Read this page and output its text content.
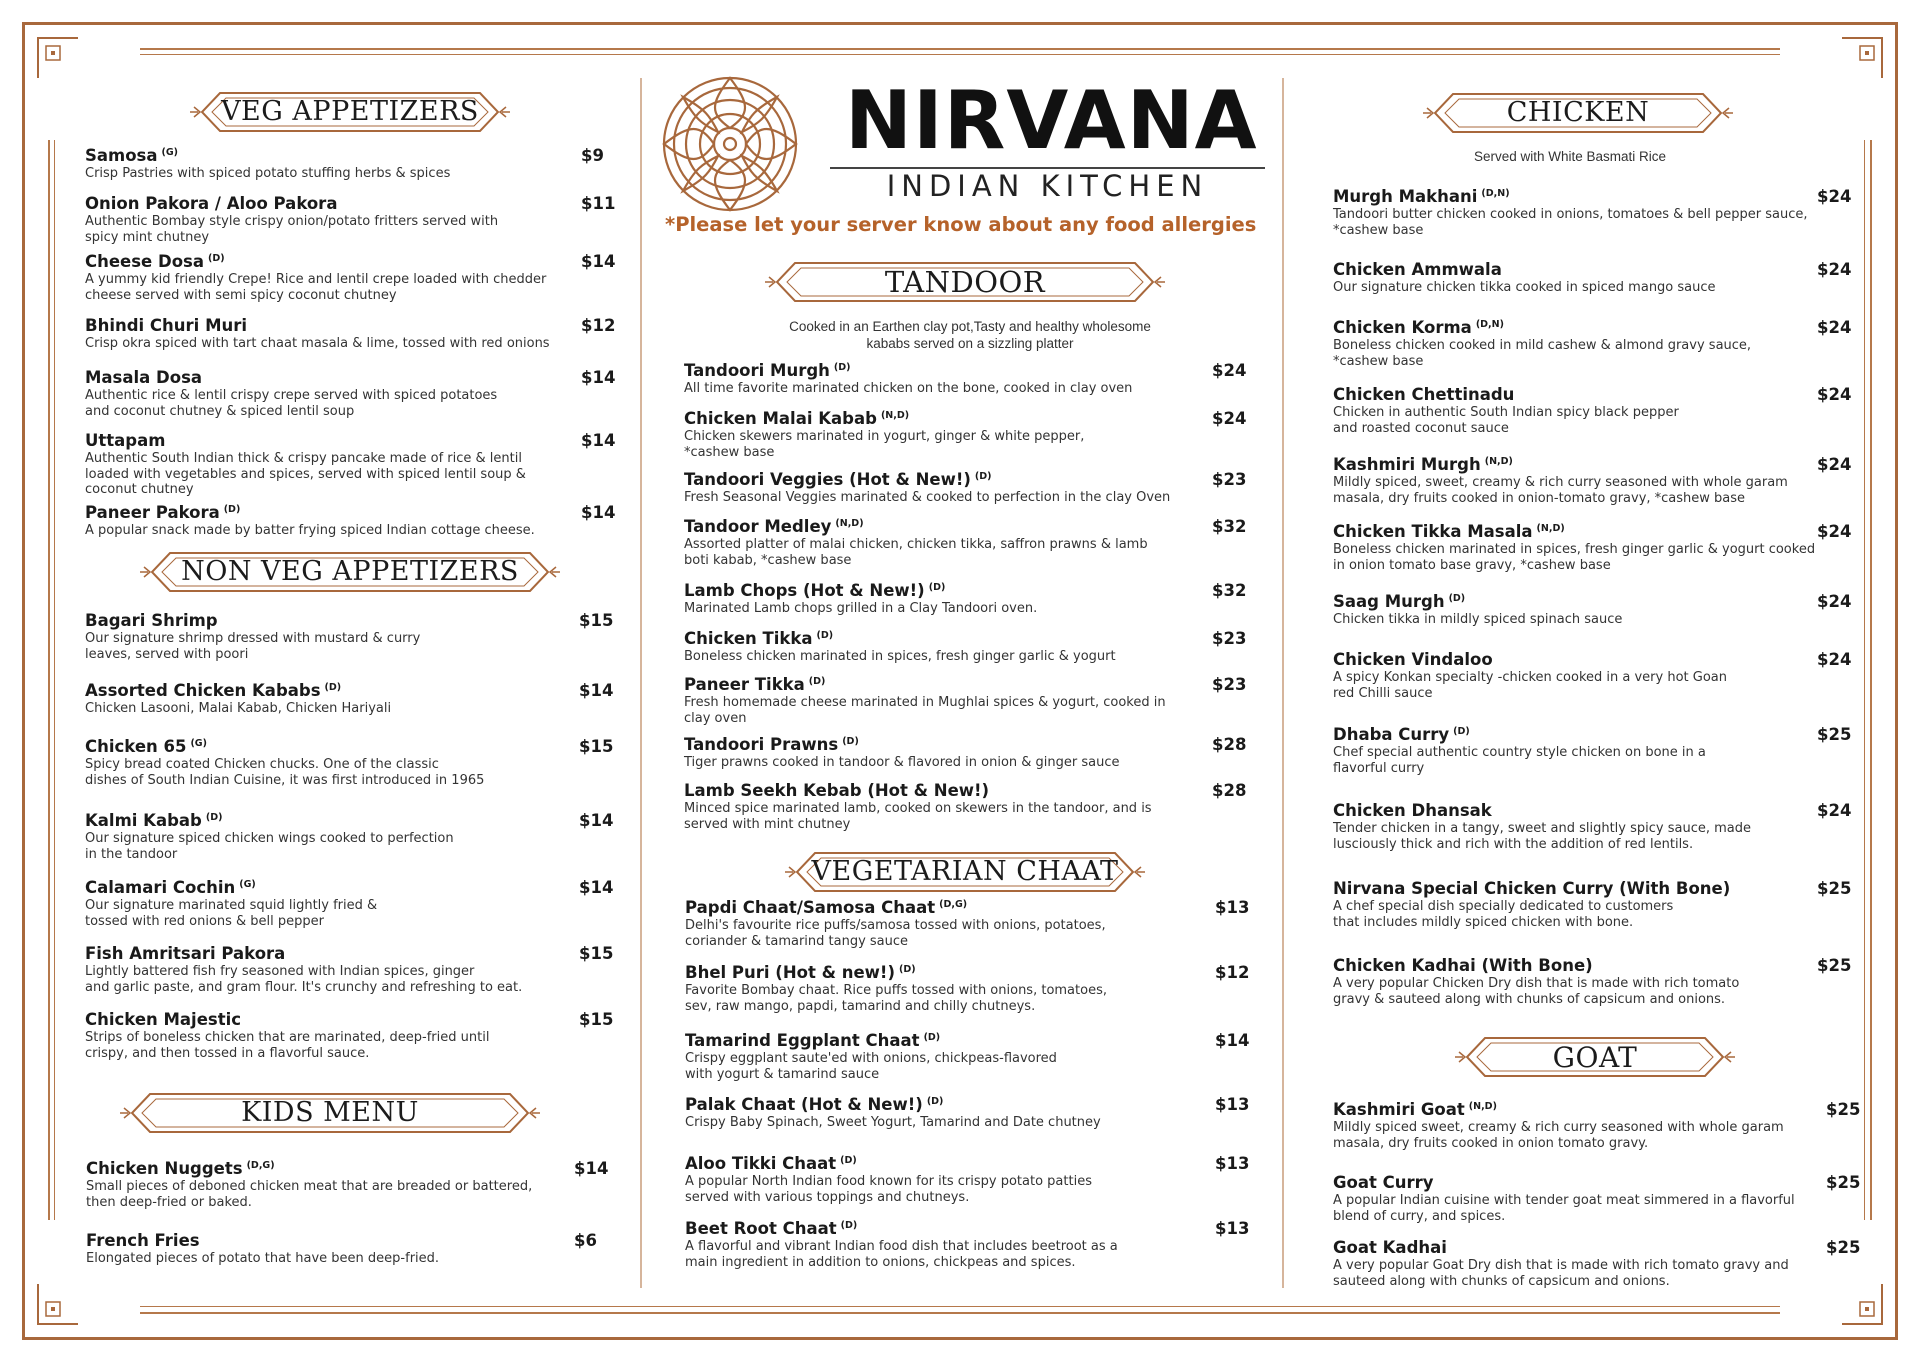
NIRVANA
INDIAN KITCHEN
*Please let your server know about any food allergies
VEG APPETIZERS
Samosa $^{(G)}$	$9
Crisp Pastries with spiced potato stuffing herbs & spices
Onion Pakora / Aloo Pakora	$11
Authentic Bombay style crispy onion/potato fritters served with
spicy mint chutney
Cheese Dosa $^{(D)}$	$14
A yummy kid friendly Crepe! Rice and lentil crepe loaded with chedder
cheese served with semi spicy coconut chutney
Bhindi Churi Muri	$12
Crisp okra spiced with tart chaat masala & lime, tossed with red onions
Masala Dosa	$14
Authentic rice & lentil crispy crepe served with spiced potatoes
and coconut chutney & spiced lentil soup
Uttapam	$14
Authentic South Indian thick & crispy pancake made of rice & lentil
loaded with vegetables and spices, served with spiced lentil soup &
coconut chutney
Paneer Pakora $^{(D)}$	$14
A popular snack made by batter frying spiced Indian cottage cheese.
NON VEG APPETIZERS
Bagari Shrimp	$15
Our signature shrimp dressed with mustard & curry
leaves, served with poori
Assorted Chicken Kababs $^{(D)}$	$14
Chicken Lasooni, Malai Kabab, Chicken Hariyali
Chicken 65 $^{(G)}$	$15
Spicy bread coated Chicken chucks. One of the classic
dishes of South Indian Cuisine, it was first introduced in 1965
Kalmi Kabab $^{(D)}$	$14
Our signature spiced chicken wings cooked to perfection
in the tandoor
Calamari Cochin $^{(G)}$	$14
Our signature marinated squid lightly fried &
tossed with red onions & bell pepper
Fish Amritsari Pakora	$15
Lightly battered fish fry seasoned with Indian spices, ginger
and garlic paste, and gram flour. It's crunchy and refreshing to eat.
Chicken Majestic	$15
Strips of boneless chicken that are marinated, deep-fried until
crispy, and then tossed in a flavorful sauce.
KIDS MENU
Chicken Nuggets $^{(D,G)}$	$14
Small pieces of deboned chicken meat that are breaded or battered,
then deep-fried or baked.
French Fries	$6
Elongated pieces of potato that have been deep-fried.
TANDOOR
Cooked in an Earthen clay pot,Tasty and healthy wholesome
kababs served on a sizzling platter
Tandoori Murgh $^{(D)}$	$24
All time favorite marinated chicken on the bone, cooked in clay oven
Chicken Malai Kabab $^{(N,D)}$	$24
Chicken skewers marinated in yogurt, ginger & white pepper,
*cashew base
Tandoori Veggies (Hot & New!) $^{(D)}$	$23
Fresh Seasonal Veggies marinated & cooked to perfection in the clay Oven
Tandoor Medley $^{(N,D)}$	$32
Assorted platter of malai chicken, chicken tikka, saffron prawns & lamb
boti kabab, *cashew base
Lamb Chops (Hot & New!) $^{(D)}$	$32
Marinated Lamb chops grilled in a Clay Tandoori oven.
Chicken Tikka $^{(D)}$	$23
Boneless chicken marinated in spices, fresh ginger garlic & yogurt
Paneer Tikka $^{(D)}$	$23
Fresh homemade cheese marinated in Mughlai spices & yogurt, cooked in
clay oven
Tandoori Prawns $^{(D)}$	$28
Tiger prawns cooked in tandoor & flavored in onion & ginger sauce
Lamb Seekh Kebab (Hot & New!)	$28
Minced spice marinated lamb, cooked on skewers in the tandoor, and is
served with mint chutney
VEGETARIAN CHAAT
Papdi Chaat/Samosa Chaat $^{(D,G)}$	$13
Delhi's favourite rice puffs/samosa tossed with onions, potatoes,
coriander & tamarind tangy sauce
Bhel Puri (Hot & new!) $^{(D)}$	$12
Favorite Bombay chaat. Rice puffs tossed with onions, tomatoes,
sev, raw mango, papdi, tamarind and chilly chutneys.
Tamarind Eggplant Chaat $^{(D)}$	$14
Crispy eggplant saute'ed with onions, chickpeas-flavored
with yogurt & tamarind sauce
Palak Chaat (Hot & New!) $^{(D)}$	$13
Crispy Baby Spinach, Sweet Yogurt, Tamarind and Date chutney
Aloo Tikki Chaat $^{(D)}$	$13
A popular North Indian food known for its crispy potato patties
served with various toppings and chutneys.
Beet Root Chaat $^{(D)}$	$13
A flavorful and vibrant Indian food dish that includes beetroot as a
main ingredient in addition to onions, chickpeas and spices.
CHICKEN
Served with White Basmati Rice
Murgh Makhani $^{(D,N)}$	$24
Tandoori butter chicken cooked in onions, tomatoes & bell pepper sauce,
*cashew base
Chicken Ammwala	$24
Our signature chicken tikka cooked in spiced mango sauce
Chicken Korma $^{(D,N)}$	$24
Boneless chicken cooked in mild cashew & almond gravy sauce,
*cashew base
Chicken Chettinadu	$24
Chicken in authentic South Indian spicy black pepper
and roasted coconut sauce
Kashmiri Murgh $^{(N,D)}$	$24
Mildly spiced, sweet, creamy & rich curry seasoned with whole garam
masala, dry fruits cooked in onion-tomato gravy, *cashew base
Chicken Tikka Masala $^{(N,D)}$	$24
Boneless chicken marinated in spices, fresh ginger garlic & yogurt cooked
in onion tomato base gravy, *cashew base
Saag Murgh $^{(D)}$	$24
Chicken tikka in mildly spiced spinach sauce
Chicken Vindaloo	$24
A spicy Konkan specialty -chicken cooked in a very hot Goan
red Chilli sauce
Dhaba Curry $^{(D)}$	$25
Chef special authentic country style chicken on bone in a
flavorful curry
Chicken Dhansak	$24
Tender chicken in a tangy, sweet and slightly spicy sauce, made
lusciously thick and rich with the addition of red lentils.
Nirvana Special Chicken Curry (With Bone)	$25
A chef special dish specially dedicated to customers
that includes mildly spiced chicken with bone.
Chicken Kadhai (With Bone)	$25
A very popular Chicken Dry dish that is made with rich tomato
gravy & sauteed along with chunks of capsicum and onions.
GOAT
Kashmiri Goat $^{(N,D)}$	$25
Mildly spiced sweet, creamy & rich curry seasoned with whole garam
masala, dry fruits cooked in onion tomato gravy.
Goat Curry	$25
A popular Indian cuisine with tender goat meat simmered in a flavorful
blend of curry, and spices.
Goat Kadhai	$25
A very popular Goat Dry dish that is made with rich tomato gravy and
sauteed along with chunks of capsicum and onions.
